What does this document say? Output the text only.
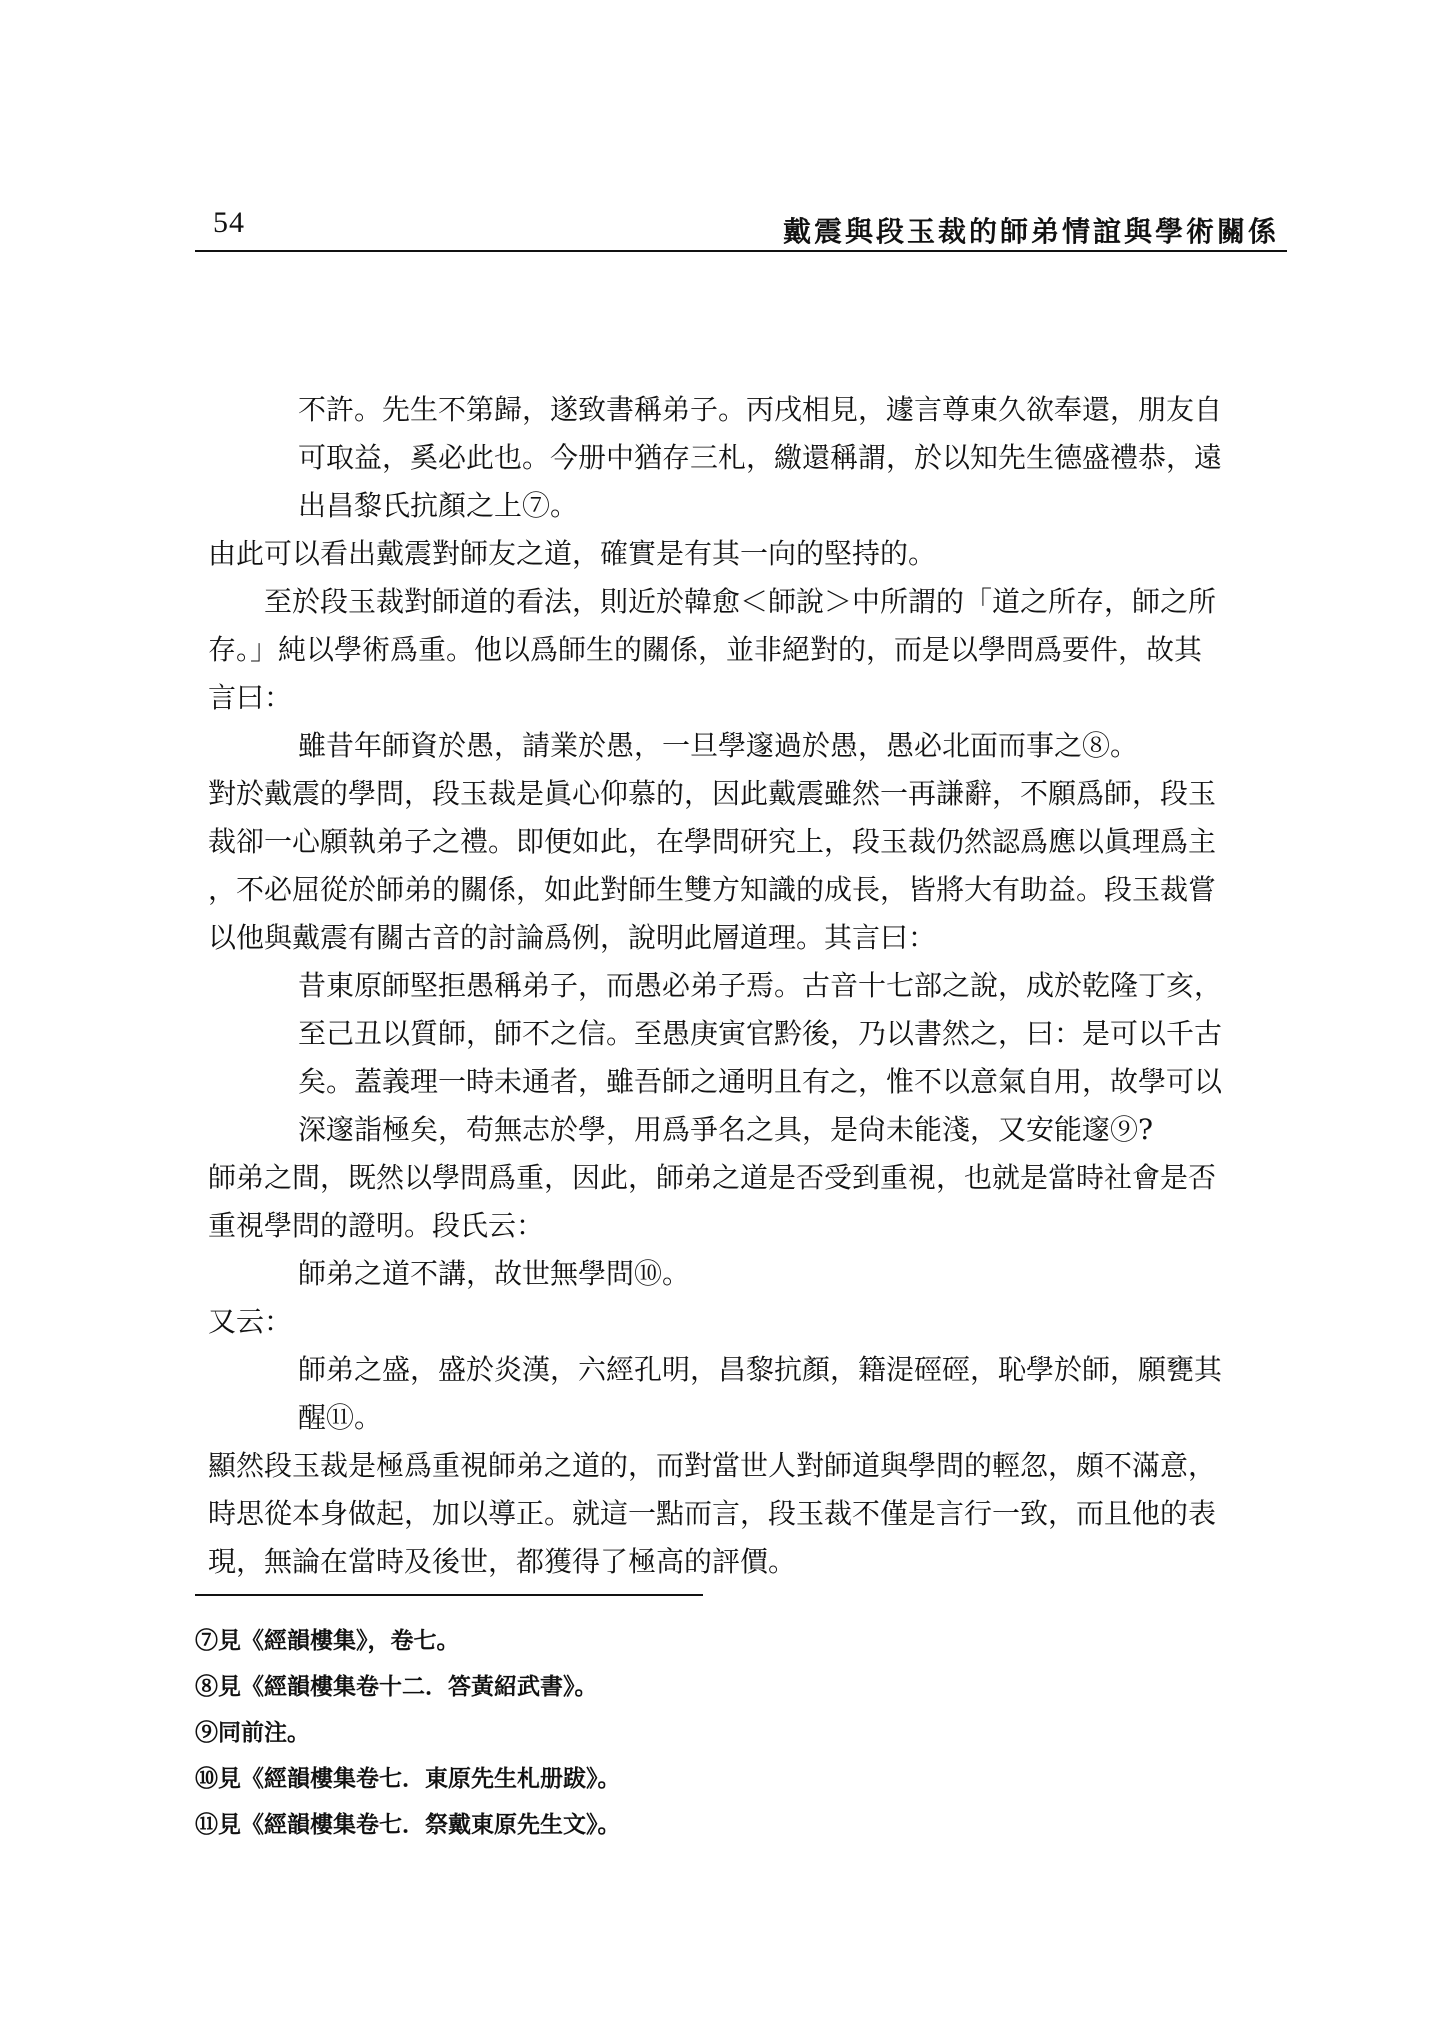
54	戴震與段玉裁的師弟情誼與學術關係
不許。先生不第歸，遂致書稱弟子。丙戌相見，遽言尊東久欲奉還，朋友自
可取益，奚必此也。今册中猶存三札，繳還稱謂，於以知先生德盛禮恭，遠
出昌黎氏抗顏之上⑦。
由此可以看出戴震對師友之道，確實是有其一向的堅持的。
至於段玉裁對師道的看法，則近於韓愈＜師說＞中所謂的「道之所存，師之所
存。」純以學術爲重。他以爲師生的關係，並非絕對的，而是以學問爲要件，故其
言曰：
雖昔年師資於愚，請業於愚，一旦學邃過於愚，愚必北面而事之⑧。
對於戴震的學問，段玉裁是眞心仰慕的，因此戴震雖然一再謙辭，不願爲師，段玉
裁卻一心願執弟子之禮。即便如此，在學問研究上，段玉裁仍然認爲應以眞理爲主
，不必屈從於師弟的關係，如此對師生雙方知識的成長，皆將大有助益。段玉裁嘗
以他與戴震有關古音的討論爲例，說明此層道理。其言曰：
昔東原師堅拒愚稱弟子，而愚必弟子焉。古音十七部之說，成於乾隆丁亥，
至己丑以質師，師不之信。至愚庚寅官黔後，乃以書然之，曰：是可以千古
矣。蓋義理一時未通者，雖吾師之通明且有之，惟不以意氣自用，故學可以
深邃詣極矣，苟無志於學，用爲爭名之具，是尙未能淺，又安能邃⑨?
師弟之間，既然以學問爲重，因此，師弟之道是否受到重視，也就是當時社會是否
重視學問的證明。段氏云：
師弟之道不講，故世無學問⑩。
又云：
師弟之盛，盛於炎漢，六經孔明，昌黎抗顏，籍湜硜硜，恥學於師，願甕其
醒⑪。
顯然段玉裁是極爲重視師弟之道的，而對當世人對師道與學問的輕忽，頗不滿意，
時思從本身做起，加以導正。就這一點而言，段玉裁不僅是言行一致，而且他的表
現，無論在當時及後世，都獲得了極高的評價。
⑦見《經韻樓集》，卷七。
⑧見《經韻樓集卷十二．答黃紹武書》。
⑨同前注。
⑩見《經韻樓集卷七．東原先生札册跋》。
⑪見《經韻樓集卷七．祭戴東原先生文》。
